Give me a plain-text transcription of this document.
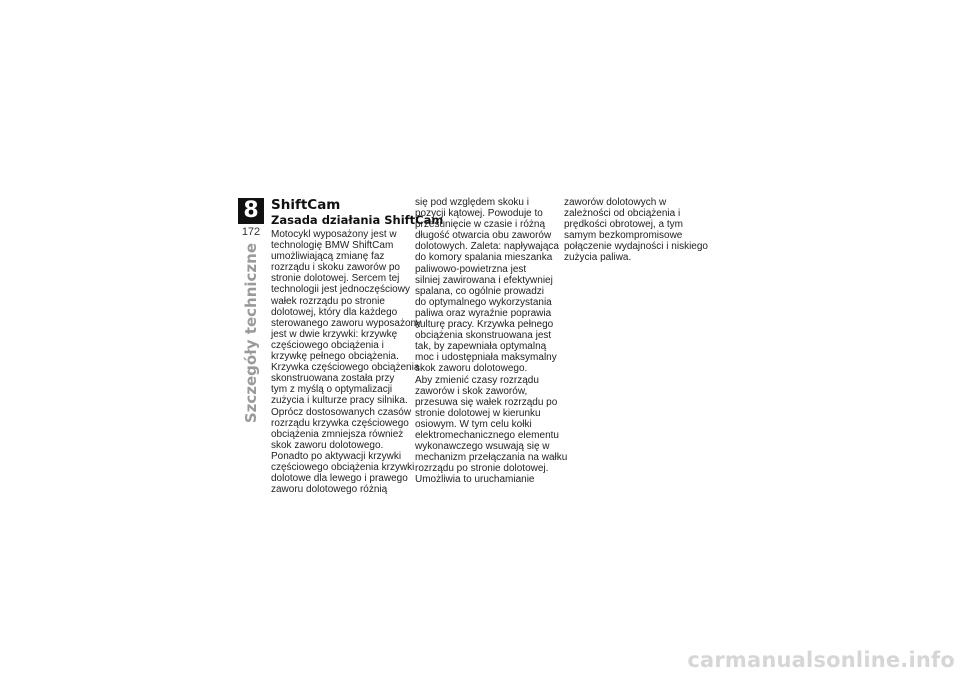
8
172
Szczegóły techniczne
ShiftCam
Zasada działania ShiftCam
Motocykl wyposażony jest w
technologię BMW ShiftCam
umożliwiającą zmianę faz
rozrządu i skoku zaworów po
stronie dolotowej. Sercem tej
technologii jest jednoczęściowy
wałek rozrządu po stronie
dolotowej, który dla każdego
sterowanego zaworu wyposażony
jest w dwie krzywki: krzywkę
częściowego obciążenia i
krzywkę pełnego obciążenia.
Krzywka częściowego obciążenia
skonstruowana została przy
tym z myślą o optymalizacji
zużycia i kulturze pracy silnika.
Oprócz dostosowanych czasów
rozrządu krzywka częściowego
obciążenia zmniejsza również
skok zaworu dolotowego.
Ponadto po aktywacji krzywki
częściowego obciążenia krzywki
dolotowe dla lewego i prawego
zaworu dolotowego różnią
się pod względem skoku i
pozycji kątowej. Powoduje to
przesunięcie w czasie i różną
długość otwarcia obu zaworów
dolotowych. Zaleta: napływająca
do komory spalania mieszanka
paliwowo-powietrzna jest
silniej zawirowana i efektywniej
spalana, co ogólnie prowadzi
do optymalnego wykorzystania
paliwa oraz wyraźnie poprawia
kulturę pracy. Krzywka pełnego
obciążenia skonstruowana jest
tak, by zapewniała optymalną
moc i udostępniała maksymalny
skok zaworu dolotowego.
Aby zmienić czasy rozrządu
zaworów i skok zaworów,
przesuwa się wałek rozrządu po
stronie dolotowej w kierunku
osiowym. W tym celu kołki
elektromechanicznego elementu
wykonawczego wsuwają się w
mechanizm przełączania na wałku
rozrządu po stronie dolotowej.
Umożliwia to uruchamianie
zaworów dolotowych w
zależności od obciążenia i
prędkości obrotowej, a tym
samym bezkompromisowe
połączenie wydajności i niskiego
zużycia paliwa.
carmanualsonline.info
